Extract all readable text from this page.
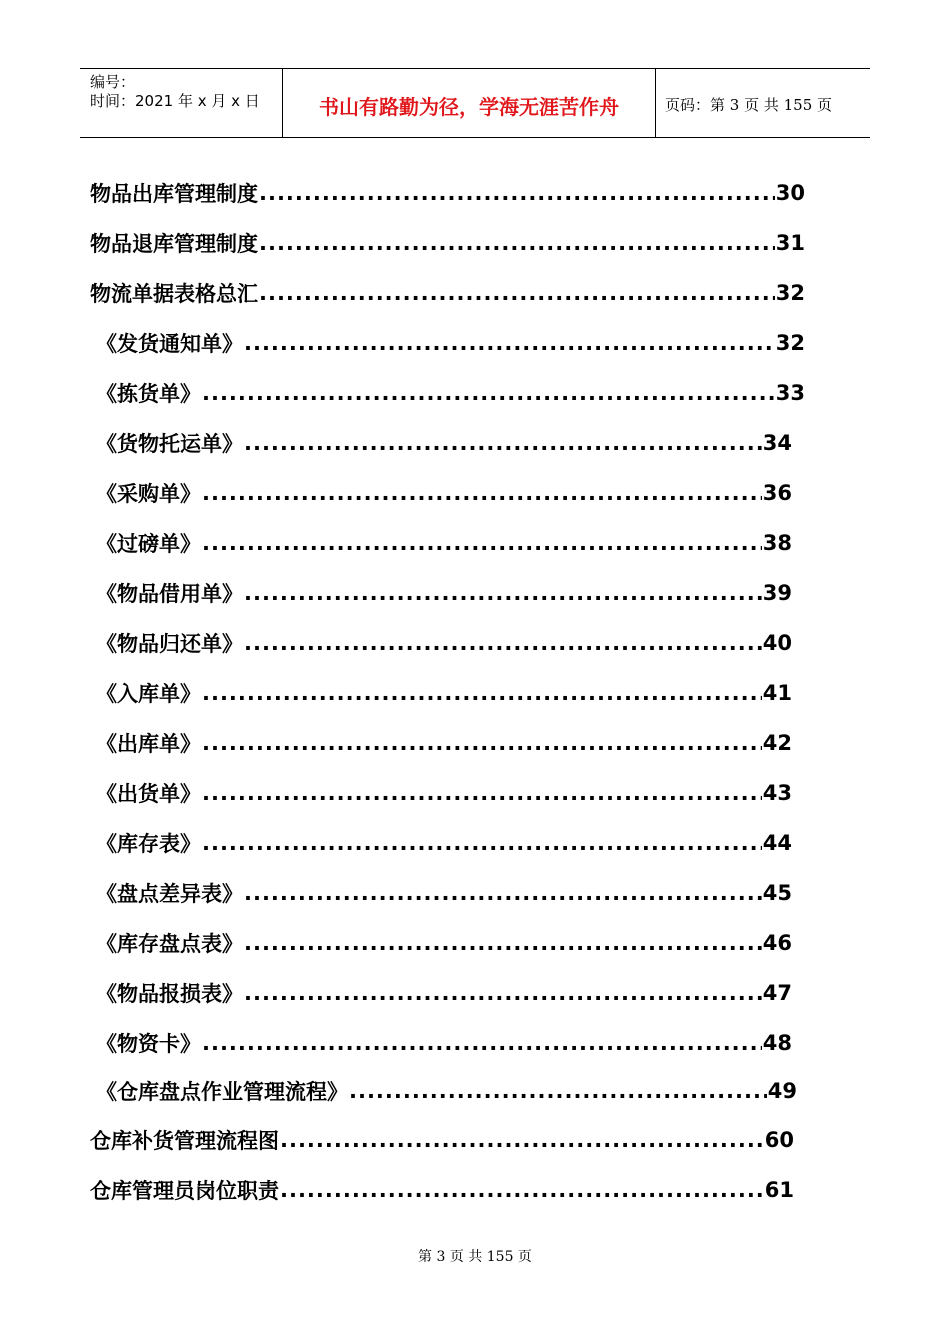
编号：
时间：2021 年 x 月 x 日	书山有路勤为径，学海无涯苦作舟	页码：第 3 页 共 155 页
物品出库管理制度 .....	30
物品退库管理制度 .....	31
物流单据表格总汇 .....	32
《发货通知单》 .....	32
《拣货单》 .....	33
《货物托运单》 .....	34
《采购单》 .....	36
《过磅单》 .....	38
《物品借用单》 .....	39
《物品归还单》 .....	40
《入库单》 .....	41
《出库单》 .....	42
《出货单》 .....	43
《库存表》 .....	44
《盘点差异表》 .....	45
《库存盘点表》 .....	46
《物品报损表》 .....	47
《物资卡》 .....	48
《仓库盘点作业管理流程》 .....	49
仓库补货管理流程图 .....	60
仓库管理员岗位职责 .....	61
第 3 页 共 155 页
